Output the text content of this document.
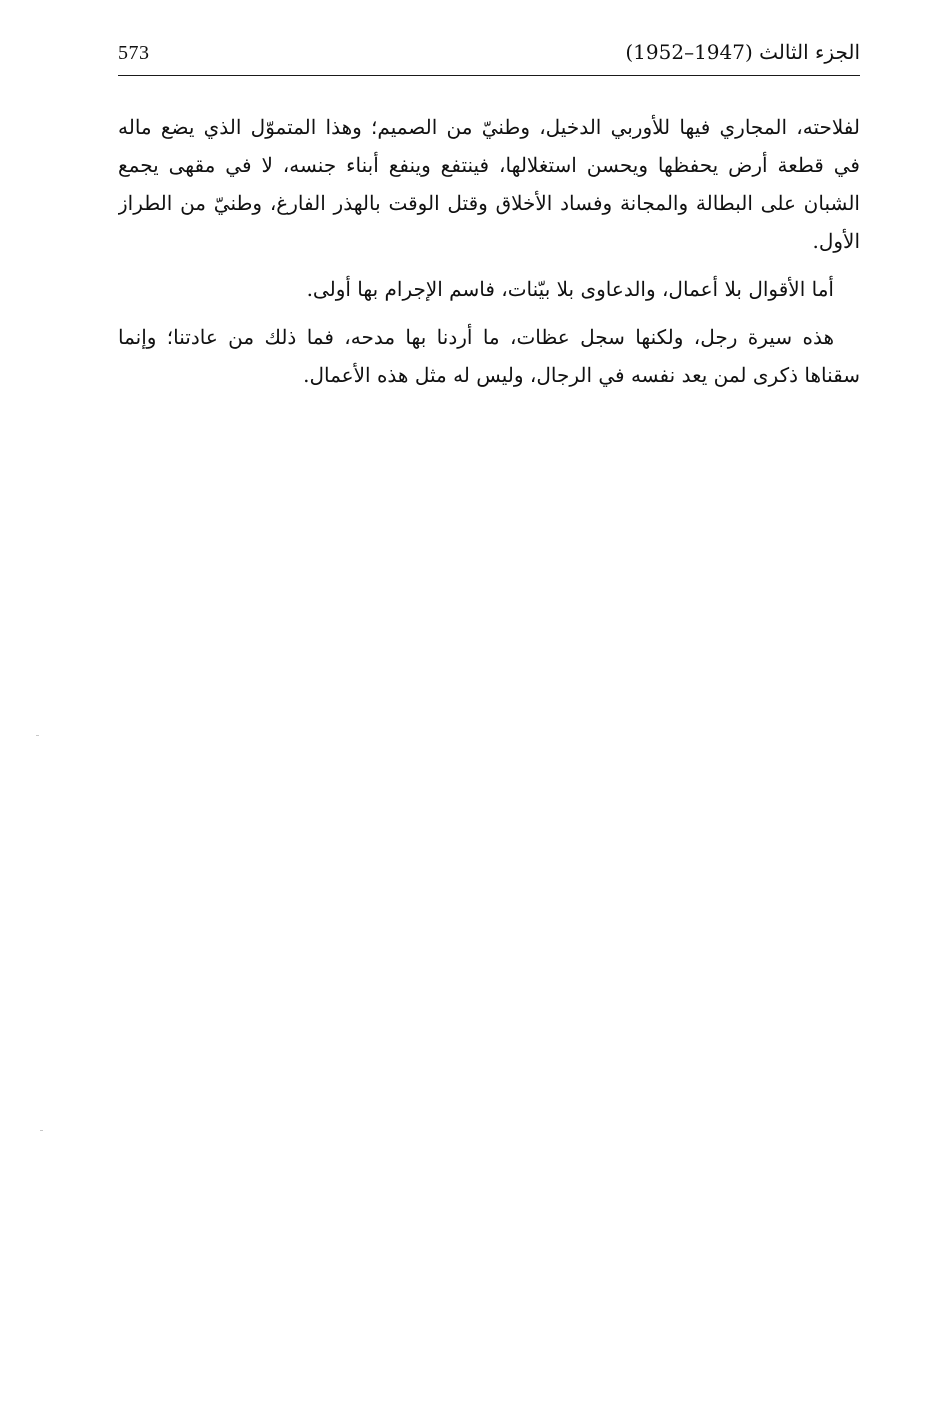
573	الجزء الثالث (1947–1952)
لفلاحته، المجاري فيها للأوربي الدخيل، وطنيّ من الصميم؛ وهذا المتموّل الذي يضع ماله
في قطعة أرض يحفظها ويحسن استغلالها، فينتفع وينفع أبناء جنسه، لا في مقهى يجمع
الشبان على البطالة والمجانة وفساد الأخلاق وقتل الوقت بالهذر الفارغ، وطنيّ من الطراز
الأول.
أما الأقوال بلا أعمال، والدعاوى بلا بيّنات، فاسم الإجرام بها أولى.
هذه سيرة رجل، ولكنها سجل عظات، ما أردنا بها مدحه، فما ذلك من عادتنا؛ وإنما
سقناها ذكرى لمن يعد نفسه في الرجال، وليس له مثل هذه الأعمال.
